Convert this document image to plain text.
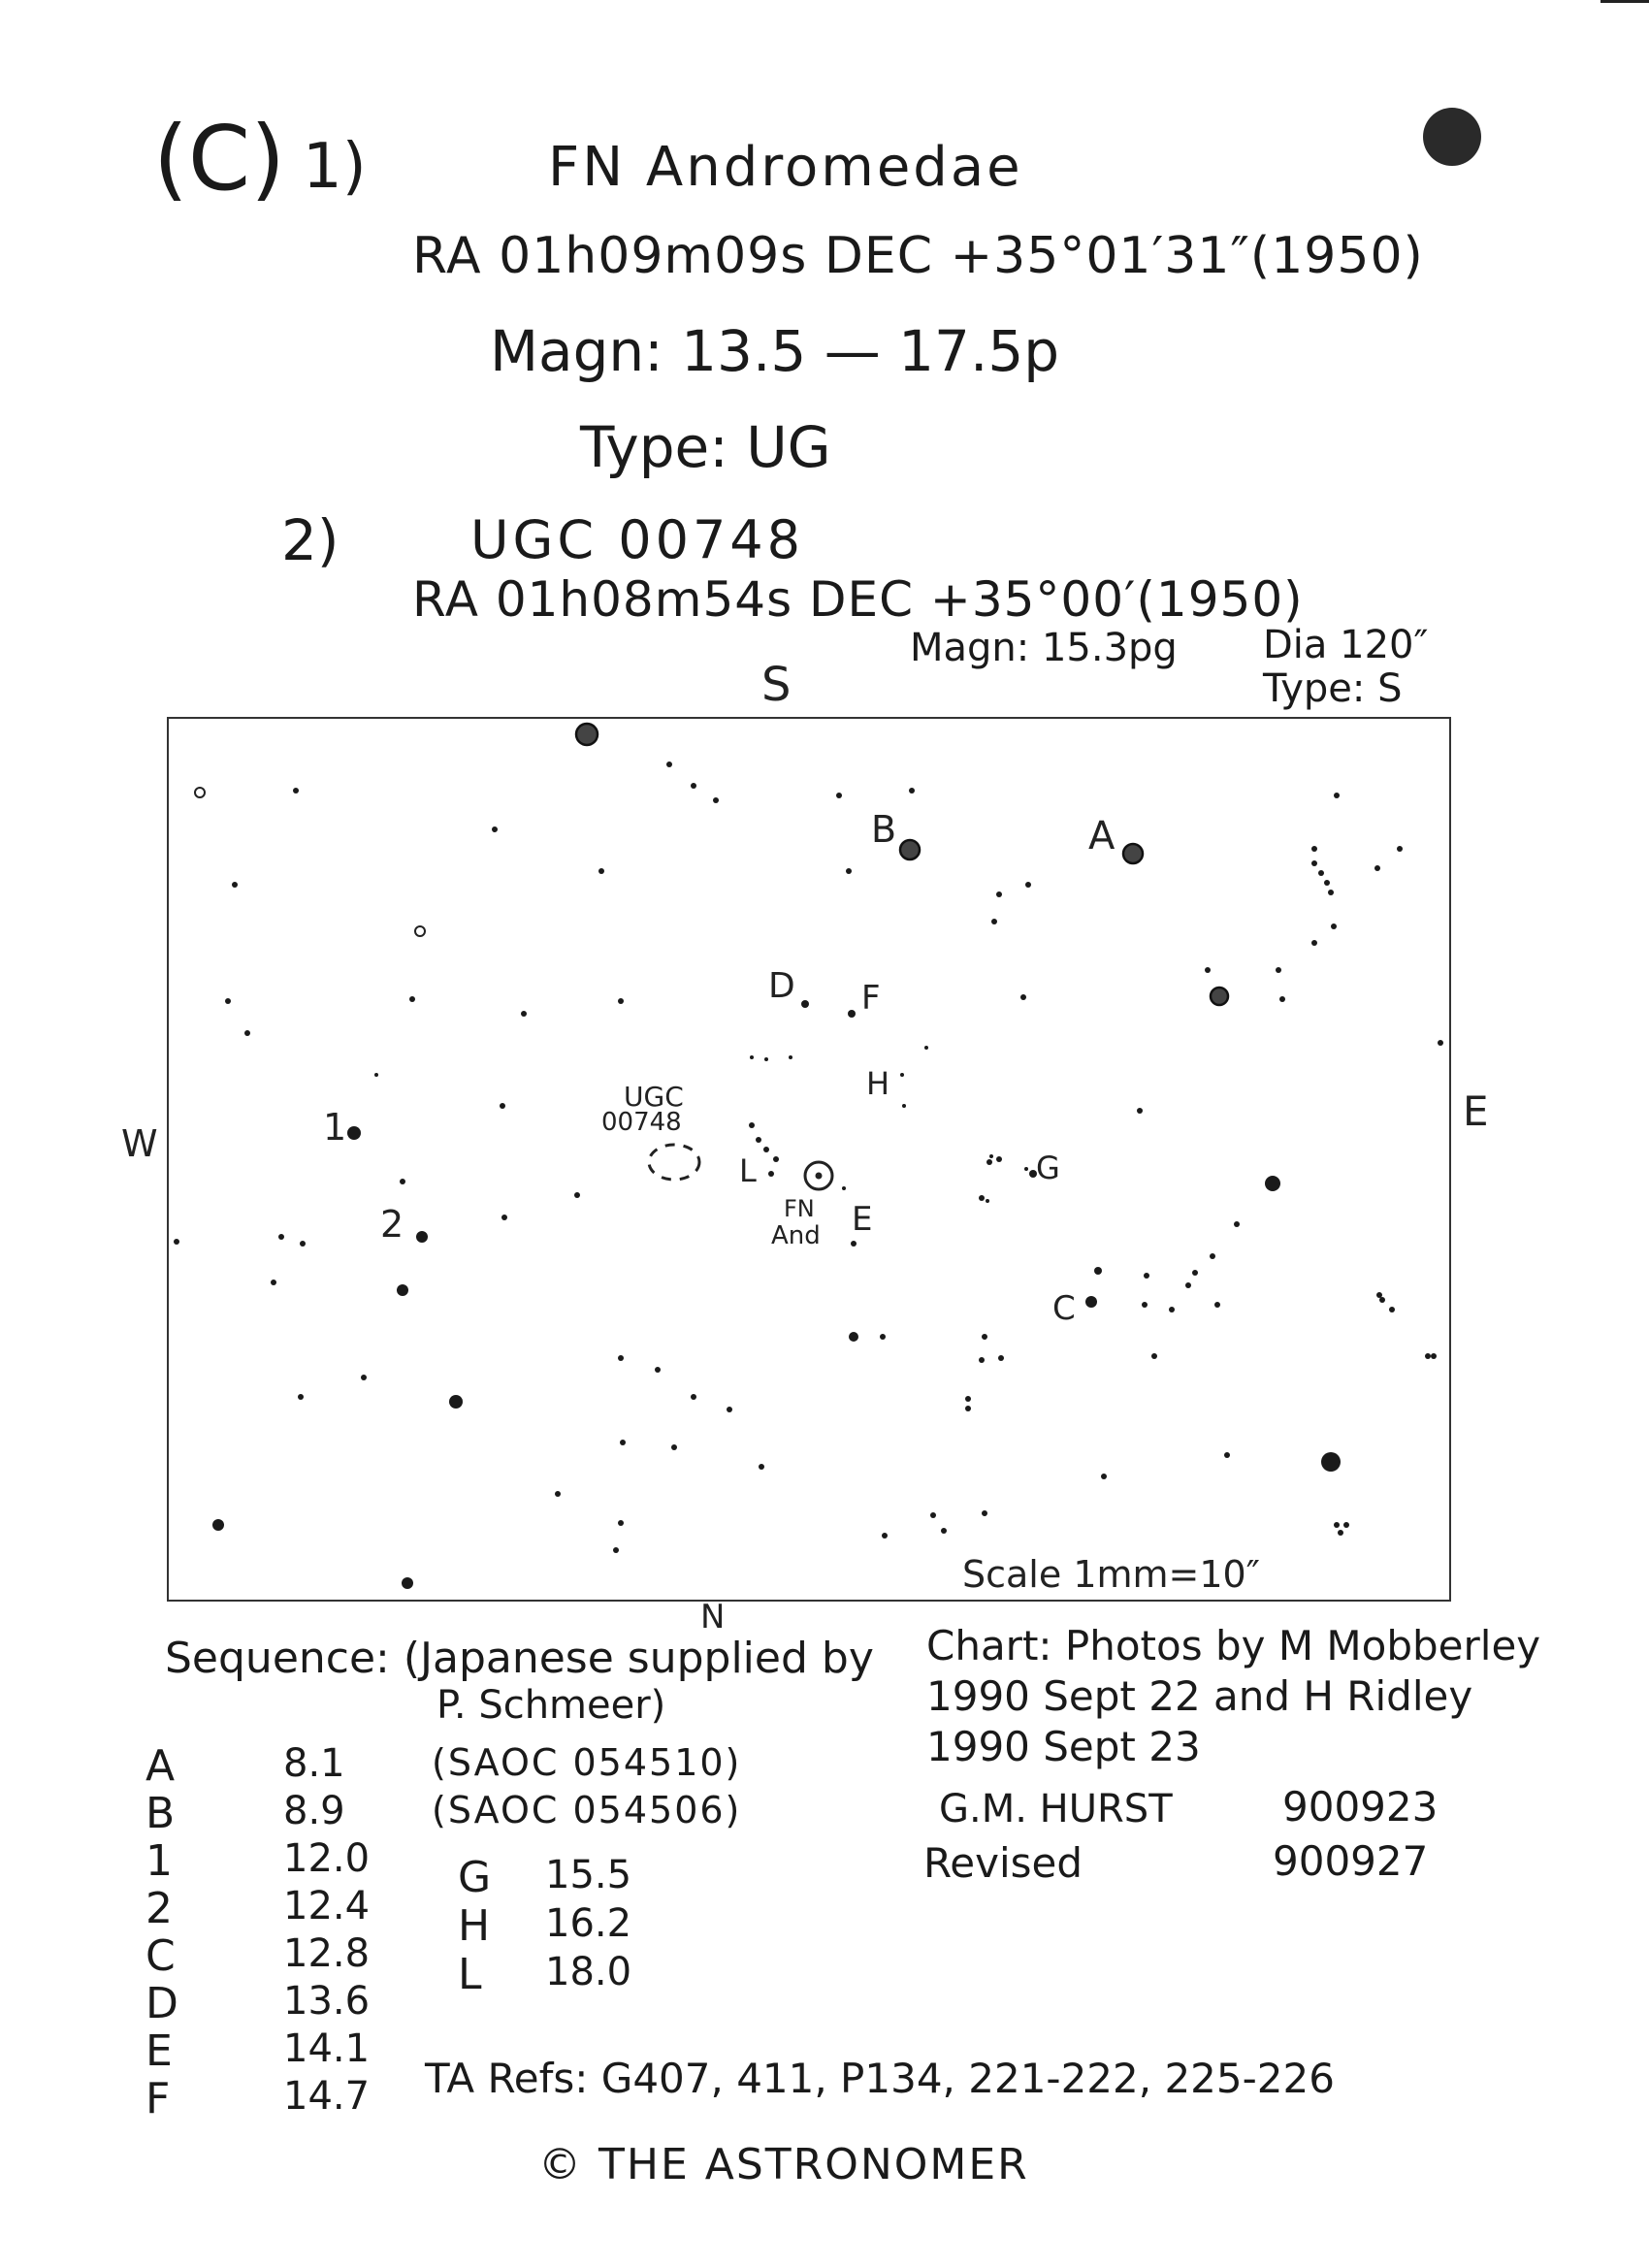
(C) 1)	FN Andromedae
RA 01h09m09s DEC +35°01′31″(1950)
Magn: 13.5 — 17.5p
Type: UG
2)	UGC 00748
RA 01h08m54s DEC +35°00′(1950)
Magn: 15.3pg Dia 120″
Type: S
S
N
W
E
A
B
C
D
E
F
G
H
L
1
2
UGC
00748
FN
And
Scale 1mm=10″
Sequence: (Japanese supplied by
P. Schmeer)
A	8.1 (SAOC 054510)
B	8.9 (SAOC 054506)
1	12.0
2	12.4
C	12.8
D	13.6
E	14.1
F	14.7
G 15.5
H 16.2
L 18.0
Chart: Photos by M Mobberley
1990 Sept 22 and H Ridley
1990 Sept 23
G.M. HURST	900923
Revised	900927
TA Refs: G407, 411, P134, 221-222, 225-226
© THE ASTRONOMER
